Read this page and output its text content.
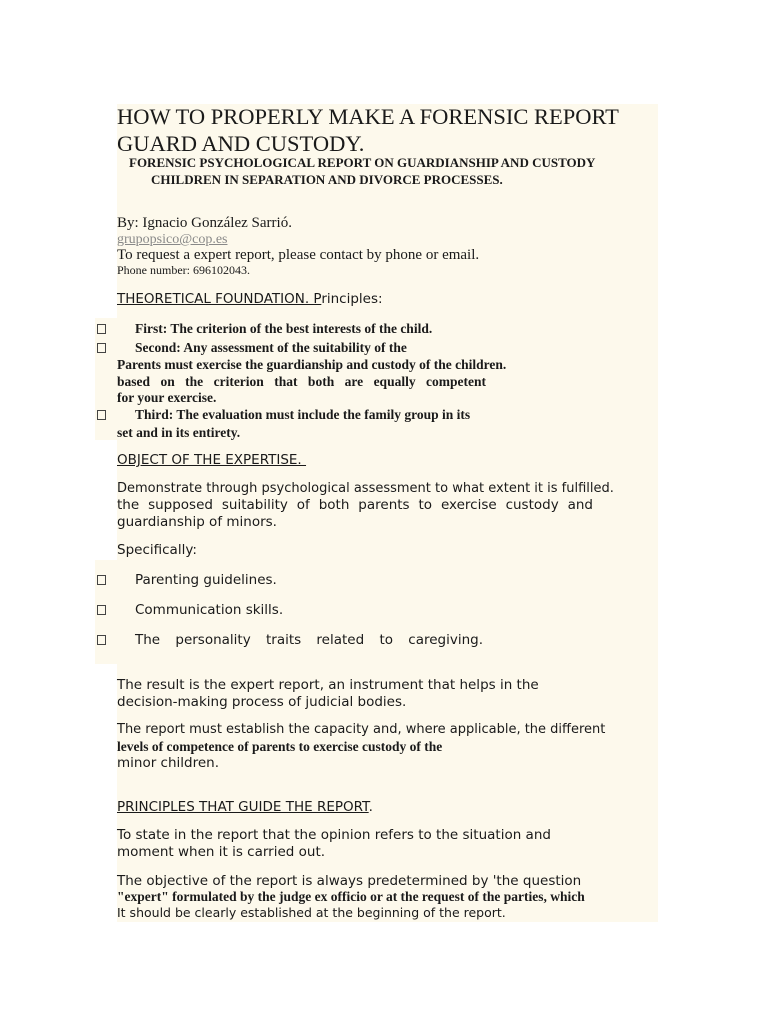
HOW TO PROPERLY MAKE A FORENSIC REPORT
GUARD AND CUSTODY.
FORENSIC PSYCHOLOGICAL REPORT ON GUARDIANSHIP AND CUSTODY
CHILDREN IN SEPARATION AND DIVORCE PROCESSES.
By: Ignacio González Sarrió.
grupopsico@cop.es
To request a expert report, please contact by phone or email.
Phone number: 696102043.
THEORETICAL FOUNDATION. Principles:
First: The criterion of the best interests of the child.
Second: Any assessment of the suitability of the
Parents must exercise the guardianship and custody of the children.
based on the criterion that both are equally competent
for your exercise.
Third: The evaluation must include the family group in its
set and in its entirety.
OBJECT OF THE EXPERTISE.
Demonstrate through psychological assessment to what extent it is fulfilled.
the supposed suitability of both parents to exercise custody and
guardianship of minors.
Specifically:
Parenting guidelines.
Communication skills.
The personality traits related to caregiving.
The result is the expert report, an instrument that helps in the
decision-making process of judicial bodies.
The report must establish the capacity and, where applicable, the different
levels of competence of parents to exercise custody of the
minor children.
PRINCIPLES THAT GUIDE THE REPORT.
To state in the report that the opinion refers to the situation and
moment when it is carried out.
The objective of the report is always predetermined by 'the question
"expert" formulated by the judge ex officio or at the request of the parties, which
It should be clearly established at the beginning of the report.
